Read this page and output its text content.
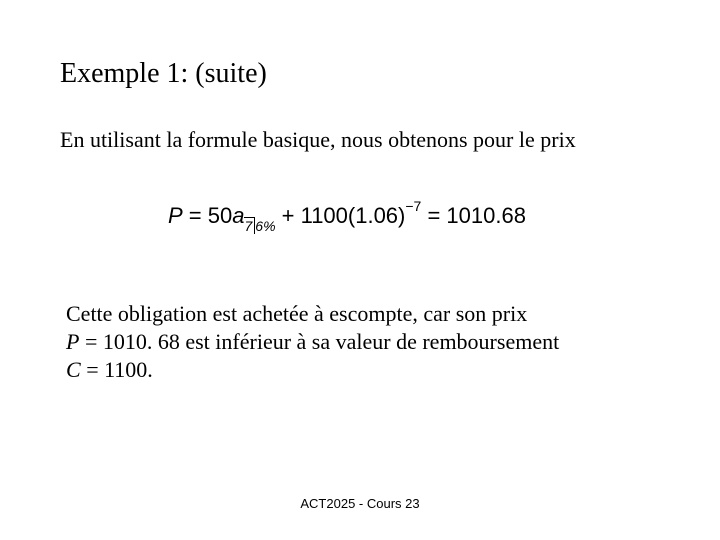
Exemple 1: (suite)
En utilisant la formule basique, nous obtenons pour le prix
P = 50a7 $6\% + 1100(1.06)^{-7} = 1010.68$
Cette obligation est achetée à escompte, car son prix
P = 1010. 68 est inférieur à sa valeur de remboursement
C = 1100.
ACT2025 - Cours 23
